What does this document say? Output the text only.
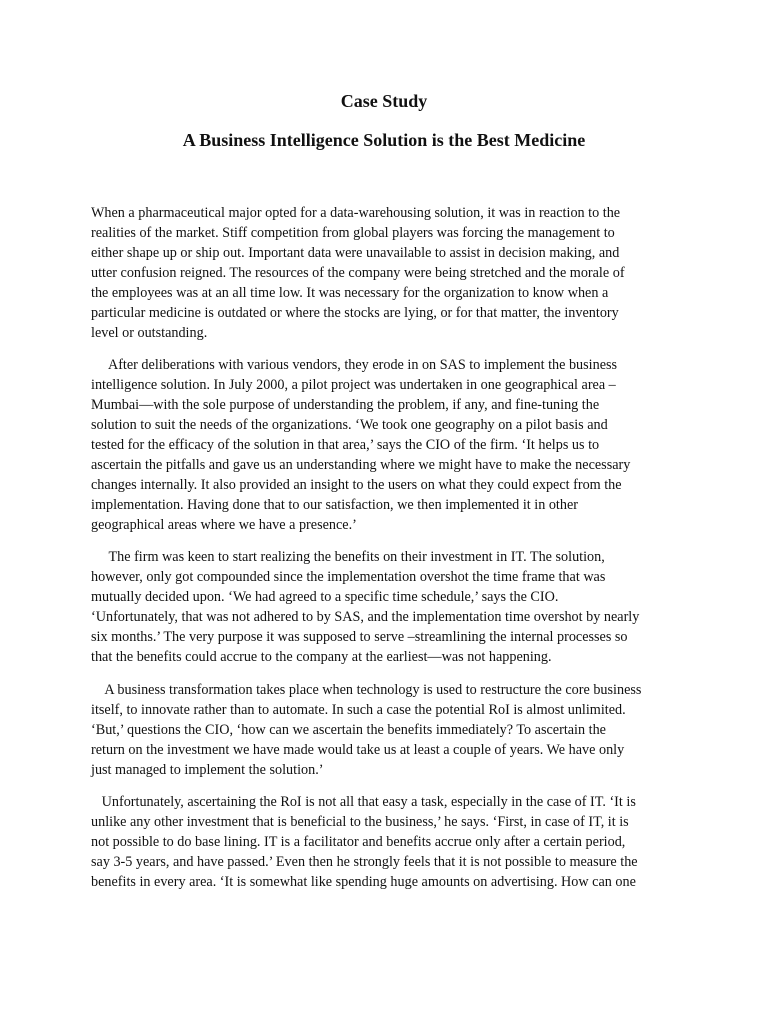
Case Study
A Business Intelligence Solution is the Best Medicine

When a pharmaceutical major opted for a data-warehousing solution, it was in reaction to the
realities of the market. Stiff competition from global players was forcing the management to
either shape up or ship out. Important data were unavailable to assist in decision making, and
utter confusion reigned. The resources of the company were being stretched and the morale of
the employees was at an all time low. It was necessary for the organization to know when a
particular medicine is outdated or where the stocks are lying, or for that matter, the inventory
level or outstanding.

After deliberations with various vendors, they erode in on SAS to implement the business
intelligence solution. In July 2000, a pilot project was undertaken in one geographical area –
Mumbai—with the sole purpose of understanding the problem, if any, and fine-tuning the
solution to suit the needs of the organizations. ‘We took one geography on a pilot basis and
tested for the efficacy of the solution in that area,’ says the CIO of the firm. ‘It helps us to
ascertain the pitfalls and gave us an understanding where we might have to make the necessary
changes internally. It also provided an insight to the users on what they could expect from the
implementation. Having done that to our satisfaction, we then implemented it in other
geographical areas where we have a presence.’

The firm was keen to start realizing the benefits on their investment in IT. The solution,
however, only got compounded since the implementation overshot the time frame that was
mutually decided upon. ‘We had agreed to a specific time schedule,’ says the CIO.
‘Unfortunately, that was not adhered to by SAS, and the implementation time overshot by nearly
six months.’ The very purpose it was supposed to serve –streamlining the internal processes so
that the benefits could accrue to the company at the earliest—was not happening.

A business transformation takes place when technology is used to restructure the core business
itself, to innovate rather than to automate. In such a case the potential RoI is almost unlimited.
‘But,’ questions the CIO, ‘how can we ascertain the benefits immediately? To ascertain the
return on the investment we have made would take us at least a couple of years. We have only
just managed to implement the solution.’

Unfortunately, ascertaining the RoI is not all that easy a task, especially in the case of IT. ‘It is
unlike any other investment that is beneficial to the business,’ he says. ‘First, in case of IT, it is
not possible to do base lining. IT is a facilitator and benefits accrue only after a certain period,
say 3-5 years, and have passed.’ Even then he strongly feels that it is not possible to measure the
benefits in every area. ‘It is somewhat like spending huge amounts on advertising. How can one
